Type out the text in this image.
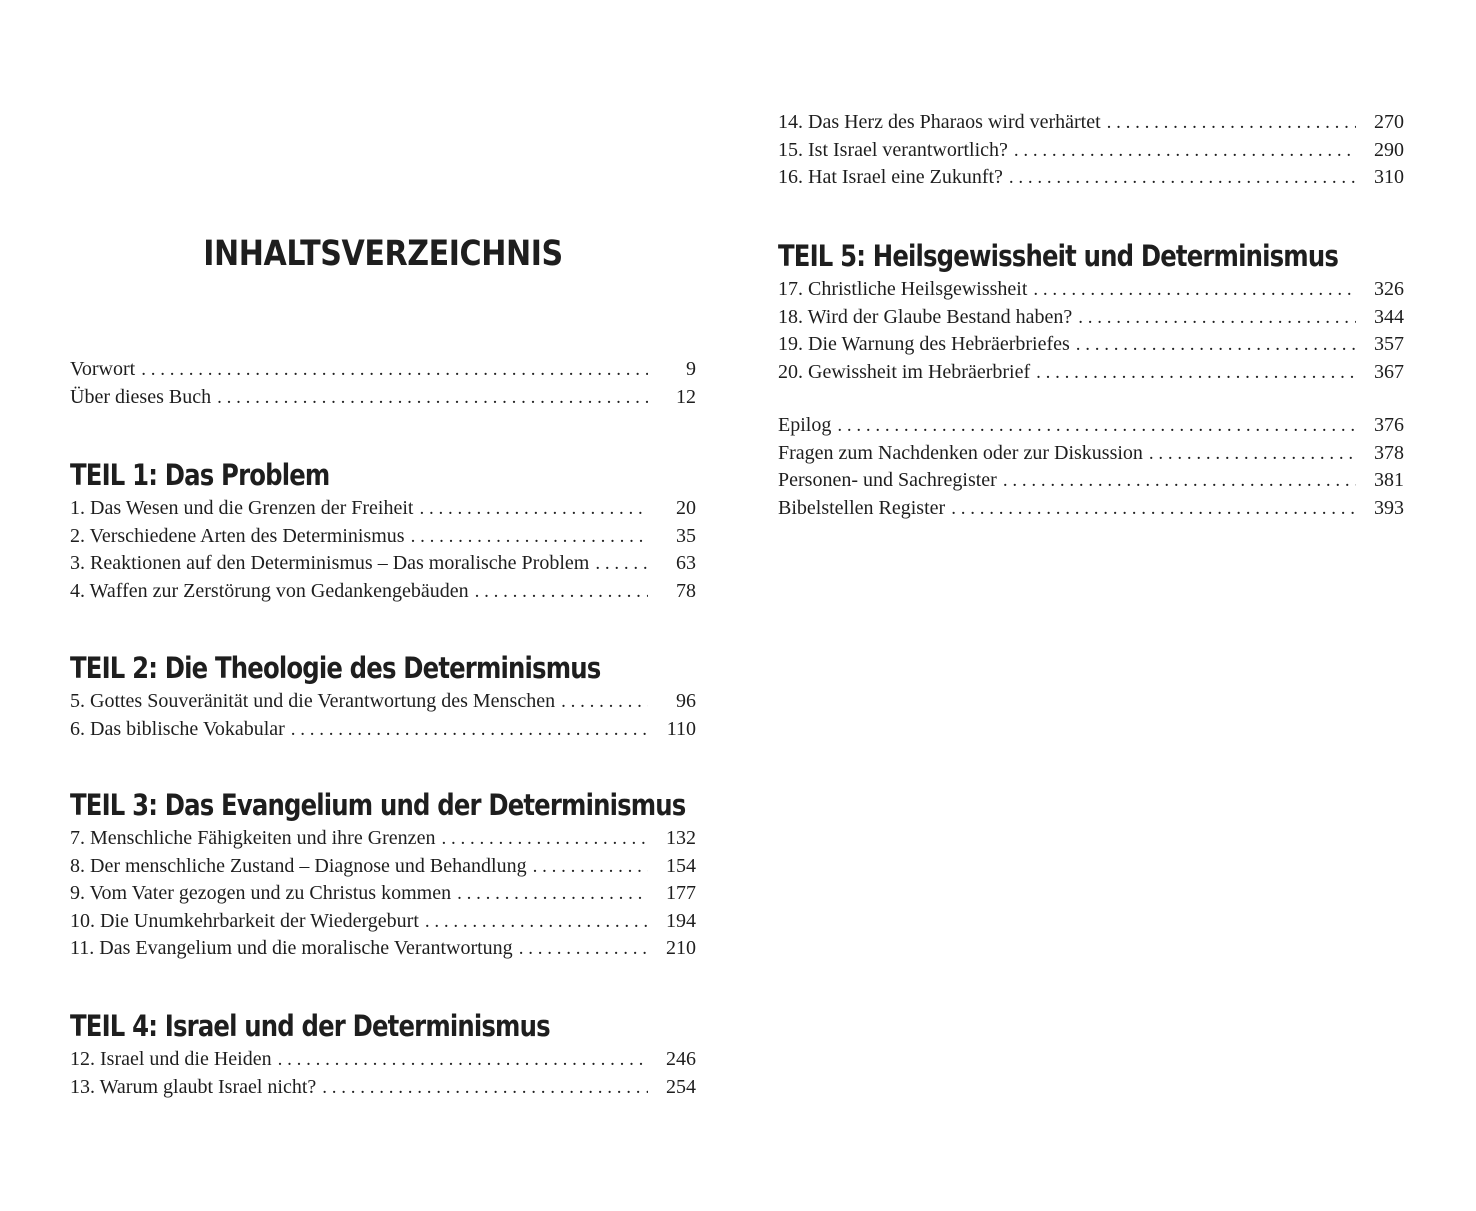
INHALTSVERZEICHNIS
Vorwort . . .	9
Über dieses Buch . . .	12
TEIL 1: Das Problem
1. Das Wesen und die Grenzen der Freiheit . . .	20
2. Verschiedene Arten des Determinismus . . .	35
3. Reaktionen auf den Determinismus – Das moralische Problem . . .	63
4. Waffen zur Zerstörung von Gedankengebäuden . . .	78
TEIL 2: Die Theologie des Determinismus
5. Gottes Souveränität und die Verantwortung des Menschen . . .	96
6. Das biblische Vokabular . . .	110
TEIL 3: Das Evangelium und der Determinismus
7. Menschliche Fähigkeiten und ihre Grenzen . . .	132
8. Der menschliche Zustand – Diagnose und Behandlung . . .	154
9. Vom Vater gezogen und zu Christus kommen . . .	177
10. Die Unumkehrbarkeit der Wiedergeburt . . .	194
11. Das Evangelium und die moralische Verantwortung . . .	210
TEIL 4: Israel und der Determinismus
12. Israel und die Heiden . . .	246
13. Warum glaubt Israel nicht? . . .	254
14. Das Herz des Pharaos wird verhärtet . . .	270
15. Ist Israel verantwortlich? . . .	290
16. Hat Israel eine Zukunft? . . .	310
TEIL 5: Heilsgewissheit und Determinismus
17. Christliche Heilsgewissheit . . .	326
18. Wird der Glaube Bestand haben? . . .	344
19. Die Warnung des Hebräerbriefes . . .	357
20. Gewissheit im Hebräerbrief . . .	367
Epilog . . .	376
Fragen zum Nachdenken oder zur Diskussion . . .	378
Personen- und Sachregister . . .	381
Bibelstellen Register . . .	393
